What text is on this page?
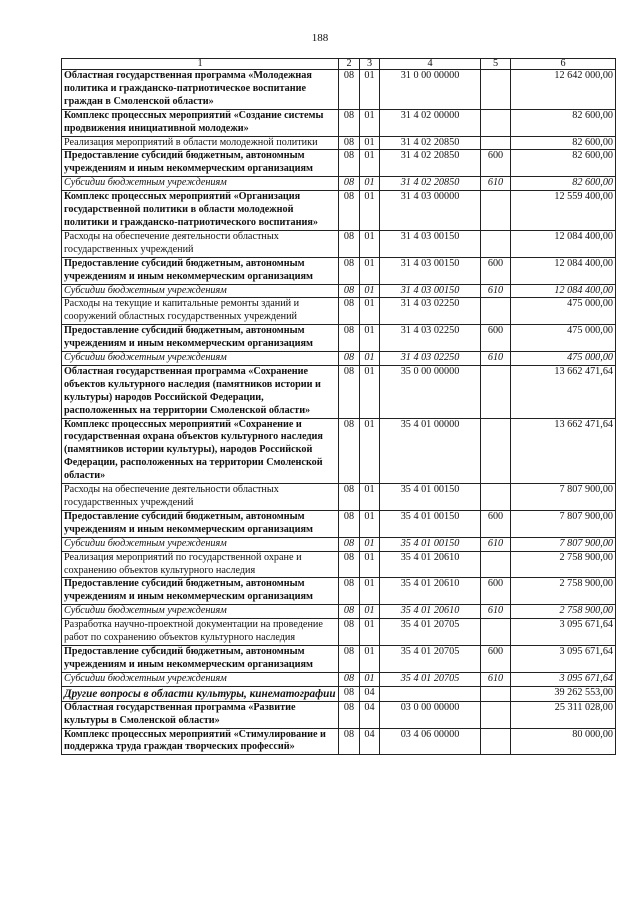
188
1	2	3	4	5	6
Областная государственная программа «Молодежная политика и гражданско-патриотическое воспитание граждан в Смоленской области»	08	01	31 0 00 00000		12 642 000,00
Комплекс процессных мероприятий «Создание системы продвижения инициативной молодежи»	08	01	31 4 02 00000		82 600,00
Реализация мероприятий в области молодежной политики	08	01	31 4 02 20850		82 600,00
Предоставление субсидий бюджетным, автономным учреждениям и иным некоммерческим организациям	08	01	31 4 02 20850	600	82 600,00
Субсидии бюджетным учреждениям	08	01	31 4 02 20850	610	82 600,00
Комплекс процессных мероприятий «Организация государственной политики в области молодежной политики и гражданско-патриотического воспитания»	08	01	31 4 03 00000		12 559 400,00
Расходы на обеспечение деятельности областных государственных учреждений	08	01	31 4 03 00150		12 084 400,00
Предоставление субсидий бюджетным, автономным учреждениям и иным некоммерческим организациям	08	01	31 4 03 00150	600	12 084 400,00
Субсидии бюджетным учреждениям	08	01	31 4 03 00150	610	12 084 400,00
Расходы на текущие и капитальные ремонты зданий и сооружений областных государственных учреждений	08	01	31 4 03 02250		475 000,00
Предоставление субсидий бюджетным, автономным учреждениям и иным некоммерческим организациям	08	01	31 4 03 02250	600	475 000,00
Субсидии бюджетным учреждениям	08	01	31 4 03 02250	610	475 000,00
Областная государственная программа «Сохранение объектов культурного наследия (памятников истории и культуры) народов Российской Федерации, расположенных на территории Смоленской области»	08	01	35 0 00 00000		13 662 471,64
Комплекс процессных мероприятий «Сохранение и государственная охрана объектов культурного наследия (памятников истории культуры), народов Российской Федерации, расположенных на территории Смоленской области»	08	01	35 4 01 00000		13 662 471,64
Расходы на обеспечение деятельности областных государственных учреждений	08	01	35 4 01 00150		7 807 900,00
Предоставление субсидий бюджетным, автономным учреждениям и иным некоммерческим организациям	08	01	35 4 01 00150	600	7 807 900,00
Субсидии бюджетным учреждениям	08	01	35 4 01 00150	610	7 807 900,00
Реализация мероприятий по государственной охране и сохранению объектов культурного наследия	08	01	35 4 01 20610		2 758 900,00
Предоставление субсидий бюджетным, автономным учреждениям и иным некоммерческим организациям	08	01	35 4 01 20610	600	2 758 900,00
Субсидии бюджетным учреждениям	08	01	35 4 01 20610	610	2 758 900,00
Разработка научно-проектной документации на проведение работ по сохранению объектов культурного наследия	08	01	35 4 01 20705		3 095 671,64
Предоставление субсидий бюджетным, автономным учреждениям и иным некоммерческим организациям	08	01	35 4 01 20705	600	3 095 671,64
Субсидии бюджетным учреждениям	08	01	35 4 01 20705	610	3 095 671,64
Другие вопросы в области культуры, кинематографии	08	04			39 262 553,00
Областная государственная программа «Развитие культуры в Смоленской области»	08	04	03 0 00 00000		25 311 028,00
Комплекс процессных мероприятий «Стимулирование и поддержка труда граждан творческих профессий»	08	04	03 4 06 00000		80 000,00
